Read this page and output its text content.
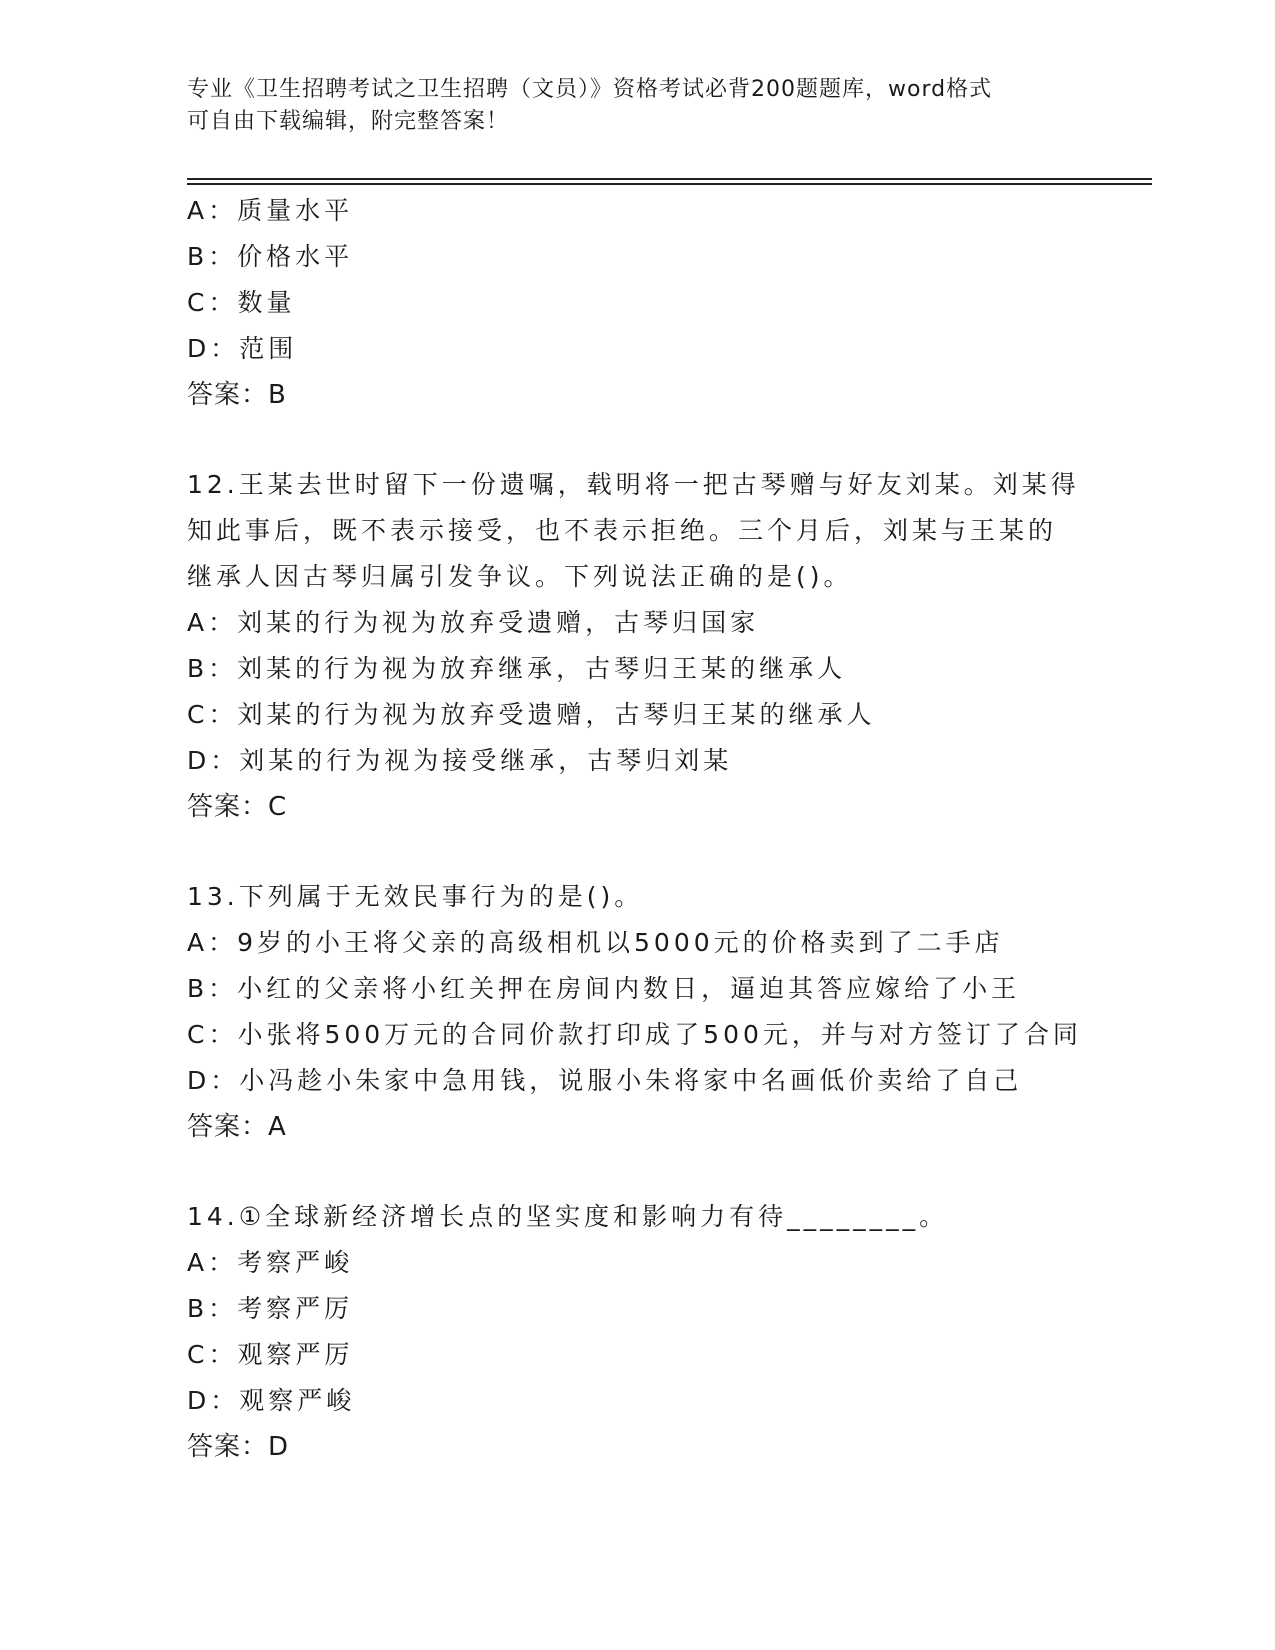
专业《卫生招聘考试之卫生招聘（文员）》资格考试必背200题题库，word格式
可自由下载编辑，附完整答案！
A：质量水平
B：价格水平
C：数量
D：范围
答案：B
12.王某去世时留下一份遗嘱，载明将一把古琴赠与好友刘某。刘某得
知此事后，既不表示接受，也不表示拒绝。三个月后，刘某与王某的
继承人因古琴归属引发争议。下列说法正确的是()。
A：刘某的行为视为放弃受遗赠，古琴归国家
B：刘某的行为视为放弃继承，古琴归王某的继承人
C：刘某的行为视为放弃受遗赠，古琴归王某的继承人
D：刘某的行为视为接受继承，古琴归刘某
答案：C
13.下列属于无效民事行为的是()。
A：9岁的小王将父亲的高级相机以5000元的价格卖到了二手店
B：小红的父亲将小红关押在房间内数日，逼迫其答应嫁给了小王
C：小张将500万元的合同价款打印成了500元，并与对方签订了合同
D：小冯趁小朱家中急用钱，说服小朱将家中名画低价卖给了自己
答案：A
14.①全球新经济增长点的坚实度和影响力有待________。
A：考察严峻
B：考察严厉
C：观察严厉
D：观察严峻
答案：D
